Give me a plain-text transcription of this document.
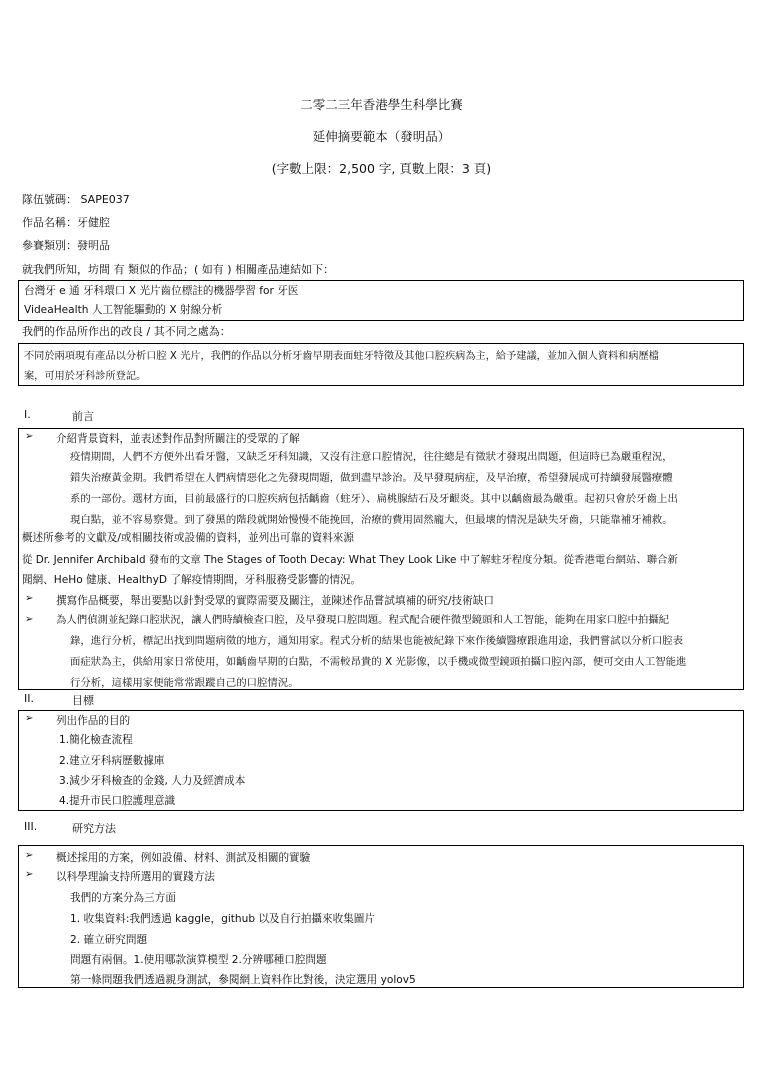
二零二三年香港學生科學比賽
延伸摘要範本（發明品）
(字數上限：2,500 字, 頁數上限：3 頁)
隊伍號碼： SAPE037
作品名稱：牙健腔
參賽類別：發明品
就我們所知，坊間 有 類似的作品；( 如有 ) 相關產品連結如下：
台灣牙 e 通 牙科環口 X 光片齒位標註的機器學習 for 牙医
VideaHealth 人工智能驅動的 X 射線分析
我們的作品所作出的改良 / 其不同之處為：
不同於兩項現有產品以分析口腔 X 光片，我們的作品以分析牙齒早期表面蛀牙特徵及其他口腔疾病為主，給予建議，並加入個人資料和病歷檔
案，可用於牙科診所登記。
I.	前言
➢	介紹背景資料，並表述對作品對所關注的受眾的了解
疫情期間，人們不方便外出看牙醫，又缺乏牙科知識，又沒有注意口腔情況，往往總是有徵狀才發現出問題，但這時已為嚴重程況，
錯失治療黃金期。我們希望在人們病情惡化之先發現問題，做到盡早診治。及早發現病症，及早治療，希望發展成可持續發展醫療體
系的一部份。選材方面，目前最盛行的口腔疾病包括齲齒（蛀牙）、扁桃腺結石及牙齦炎。其中以齲齒最為嚴重。起初只會於牙齒上出
現白點，並不容易察覺。到了發黑的階段就開始慢慢不能挽回，治療的費用固然龐大，但最壞的情況是缺失牙齒，只能靠補牙補救。
概述所參考的文獻及/或相關技術或設備的資料，並列出可靠的資料來源
從 Dr. Jennifer Archibald 發布的文章 The Stages of Tooth Decay: What They Look Like 中了解蛀牙程度分類。從香港電台網站、聯合新
聞網、HeHo 健康、HealthyD 了解疫情期間，牙科服務受影響的情況。
➢	撰寫作品概要，舉出要點以針對受眾的實際需要及關注，並陳述作品嘗試填補的研究/技術缺口
➢	為人們偵測並紀錄口腔狀況，讓人們時續檢查口腔，及早發現口腔問題。程式配合硬件微型鏡頭和人工智能，能夠在用家口腔中拍攝紀
錄，進行分析，標記出找到問題病徵的地方，通知用家。程式分析的結果也能被紀錄下來作後續醫療跟進用途，我們嘗試以分析口腔表
面症狀為主，供給用家日常使用，如齲齒早期的白點，不需較昂貴的 X 光影像，以手機或微型鏡頭拍攝口腔內部，便可交由人工智能進
行分析，這樣用家便能常常跟蹤自己的口腔情況。
II.	目標
➢	列出作品的目的
1.簡化檢查流程
2.建立牙科病歷數據庫
3.減少牙科檢查的金錢, 人力及經濟成本
4.提升市民口腔護理意識
III.	研究方法
➢	概述採用的方案，例如設備、材料、測試及相關的實驗
➢	以科學理論支持所選用的實踐方法
我們的方案分為三方面
1. 收集資料:我們透過 kaggle，github 以及自行拍攝來收集圖片
2. 確立研究問題
問題有兩個。1.使用哪款演算模型 2.分辨哪種口腔問題
第一條問題我們透過親身測試，參閱網上資料作比對後，決定選用 yolov5
